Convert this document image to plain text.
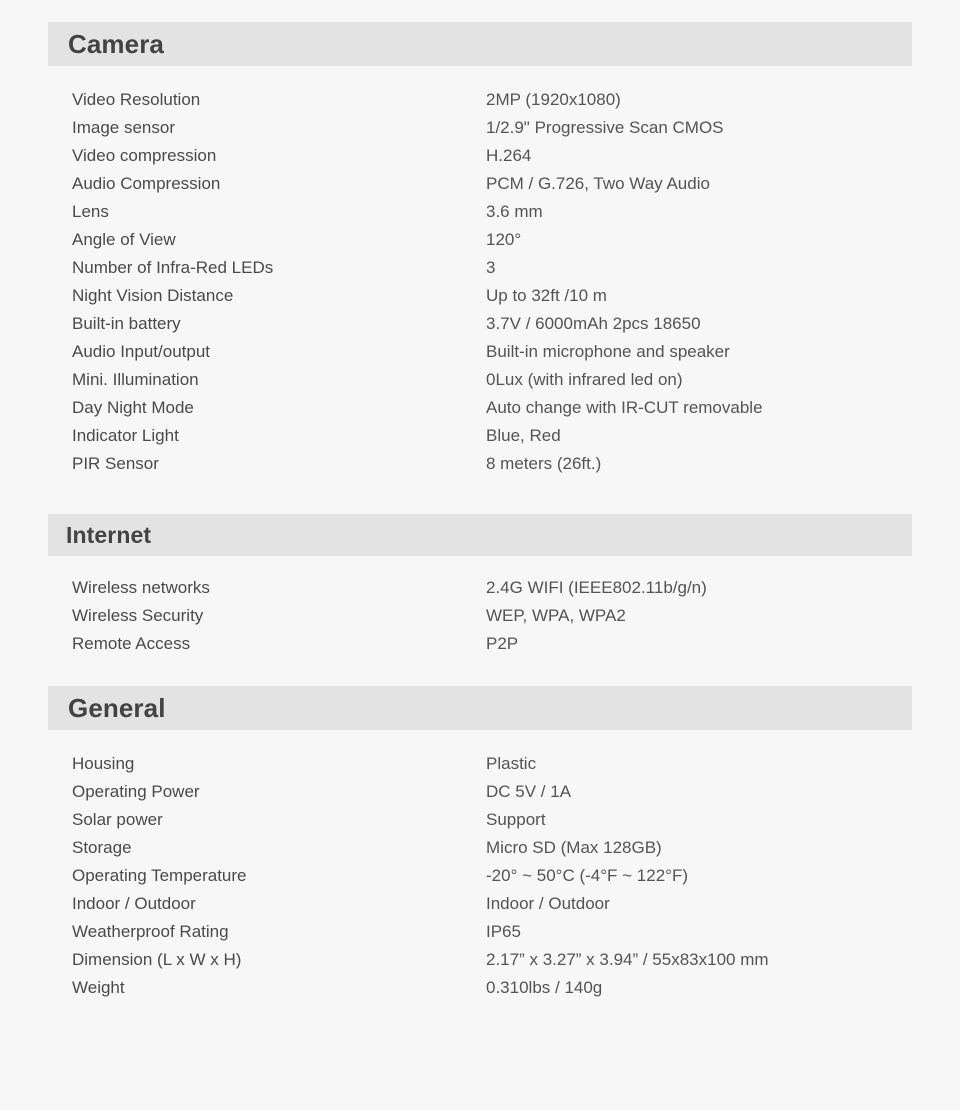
Camera
Video Resolution	2MP (1920x1080)
Image sensor	1/2.9" Progressive Scan CMOS
Video compression	H.264
Audio Compression	PCM / G.726, Two Way Audio
Lens	3.6 mm
Angle of View	120°
Number of Infra-Red LEDs	3
Night Vision Distance	Up to 32ft /10 m
Built-in battery	3.7V / 6000mAh 2pcs 18650
Audio Input/output	Built-in microphone and speaker
Mini. Illumination	0Lux (with infrared led on)
Day Night Mode	Auto change with IR-CUT removable
Indicator Light	Blue, Red
PIR Sensor	8 meters (26ft.)
Internet
Wireless networks	2.4G WIFI (IEEE802.11b/g/n)
Wireless Security	WEP, WPA, WPA2
Remote Access	P2P
General
Housing	Plastic
Operating Power	DC 5V / 1A
Solar power	Support
Storage	Micro SD (Max 128GB)
Operating Temperature	-20° ~ 50°C (-4°F ~ 122°F)
Indoor / Outdoor	Indoor / Outdoor
Weatherproof Rating	IP65
Dimension (L x W x H)	2.17” x 3.27” x 3.94” / 55x83x100 mm
Weight	0.310lbs / 140g
